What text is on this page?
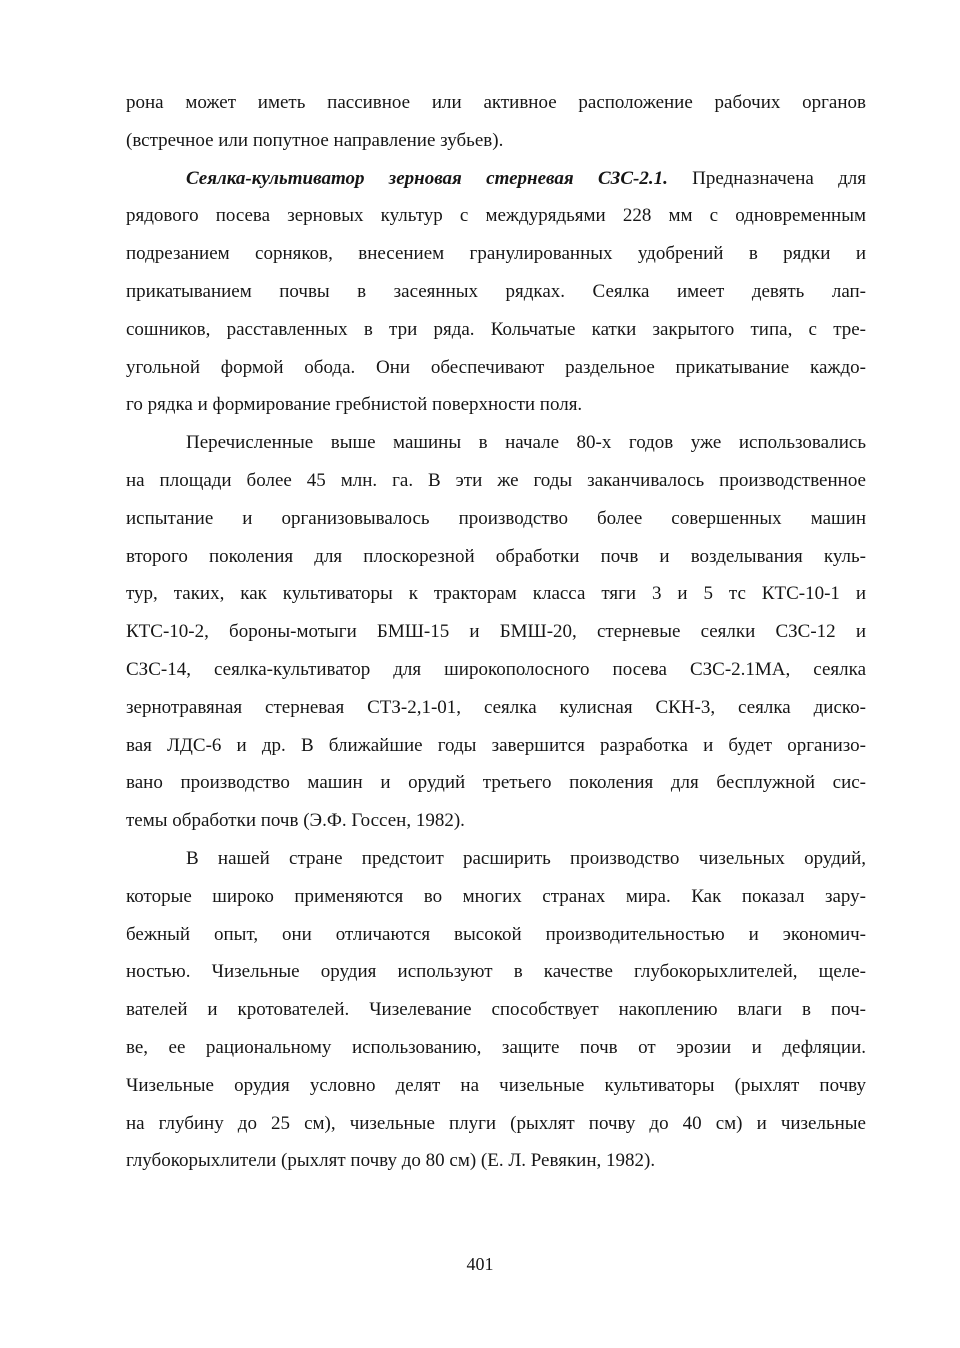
рона может иметь пассивное или активное расположение рабочих органов
(встречное или попутное направление зубьев).

Сеялка-культиватор зерновая стерневая СЗС-2.1. Предназначена для
рядового посева зерновых культур с междурядьями 228 мм с одновременным
подрезанием сорняков, внесением гранулированных удобрений в рядки и
прикатыванием почвы в засеянных рядках. Сеялка имеет девять лап-
сошников, расставленных в три ряда. Кольчатые катки закрытого типа, с тре-
угольной формой обода. Они обеспечивают раздельное прикатывание каждо-
го рядка и формирование гребнистой поверхности поля.

Перечисленные выше машины в начале 80-х годов уже использовались
на площади более 45 млн. га. В эти же годы заканчивалось производственное
испытание и организовывалось производство более совершенных машин
второго поколения для плоскорезной обработки почв и возделывания куль-
тур, таких, как культиваторы к тракторам класса тяги 3 и 5 тс КТС-10-1 и
КТС-10-2, бороны-мотыги БМШ-15 и БМШ-20, стерневые сеялки СЗС-12 и
СЗС-14, сеялка-культиватор для широкополосного посева СЗС-2.1МА, сеялка
зернотравяная стерневая СТЗ-2,1-01, сеялка кулисная СКН-3, сеялка диско-
вая ЛДС-6 и др. В ближайшие годы завершится разработка и будет организо-
вано производство машин и орудий третьего поколения для бесплужной сис-
темы обработки почв (Э.Ф. Госсен, 1982).

В нашей стране предстоит расширить производство чизельных орудий,
которые широко применяются во многих странах мира. Как показал зару-
бежный опыт, они отличаются высокой производительностью и экономич-
ностью. Чизельные орудия используют в качестве глубокорыхлителей, щеле-
вателей и кротователей. Чизелевание способствует накоплению влаги в поч-
ве, ее рациональному использованию, защите почв от эрозии и дефляции.
Чизельные орудия условно делят на чизельные культиваторы (рыхлят почву
на глубину до 25 см), чизельные плуги (рыхлят почву до 40 см) и чизельные
глубокорыхлители (рыхлят почву до 80 см) (Е. Л. Ревякин, 1982).

401
